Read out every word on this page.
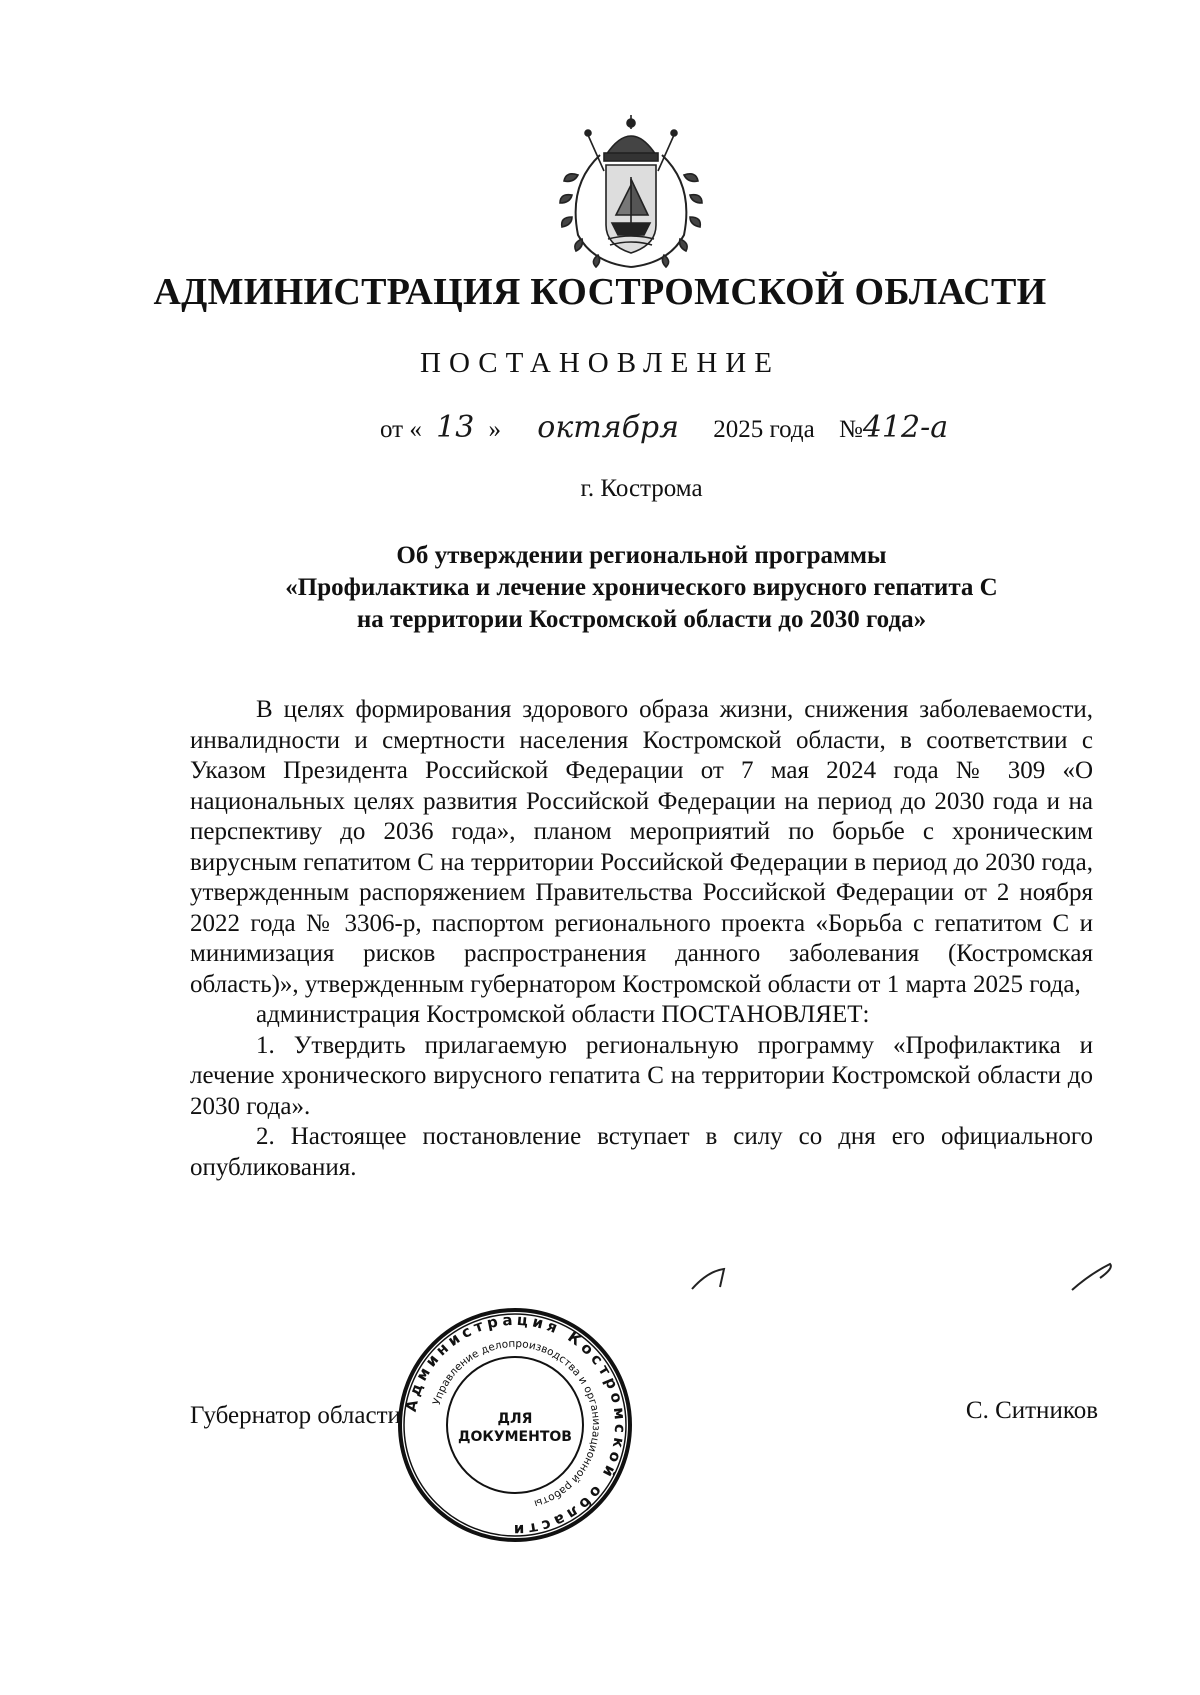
АДМИНИСТРАЦИЯ КОСТРОМСКОЙ ОБЛАСТИ
ПОСТАНОВЛЕНИЕ
от « 13 » октября 2025 года №412-а
г. Кострома
Об утверждении региональной программы
«Профилактика и лечение хронического вирусного гепатита С
на территории Костромской области до 2030 года»

В целях формирования здорового образа жизни, снижения заболеваемости, инвалидности и смертности населения Костромской области, в соответствии с Указом Президента Российской Федерации от 7 мая 2024 года № 309 «О национальных целях развития Российской Федерации на период до 2030 года и на перспективу до 2036 года», планом мероприятий по борьбе с хроническим вирусным гепатитом С на территории Российской Федерации в период до 2030 года, утвержденным распоряжением Правительства Российской Федерации от 2 ноября 2022 года № 3306-р, паспортом регионального проекта «Борьба с гепатитом С и минимизация рисков распространения данного заболевания (Костромская область)», утвержденным губернатором Костромской области от 1 марта 2025 года,

администрация Костромской области ПОСТАНОВЛЯЕТ:

1. Утвердить прилагаемую региональную программу «Профилактика и лечение хронического вирусного гепатита С на территории Костромской области до 2030 года».

2. Настоящее постановление вступает в силу со дня его официального опубликования.

Губернатор области	С. Ситников
Администрация Костромской области
Управление делопроизводства и организационной работы
ДЛЯ
ДОКУМЕНТОВ
